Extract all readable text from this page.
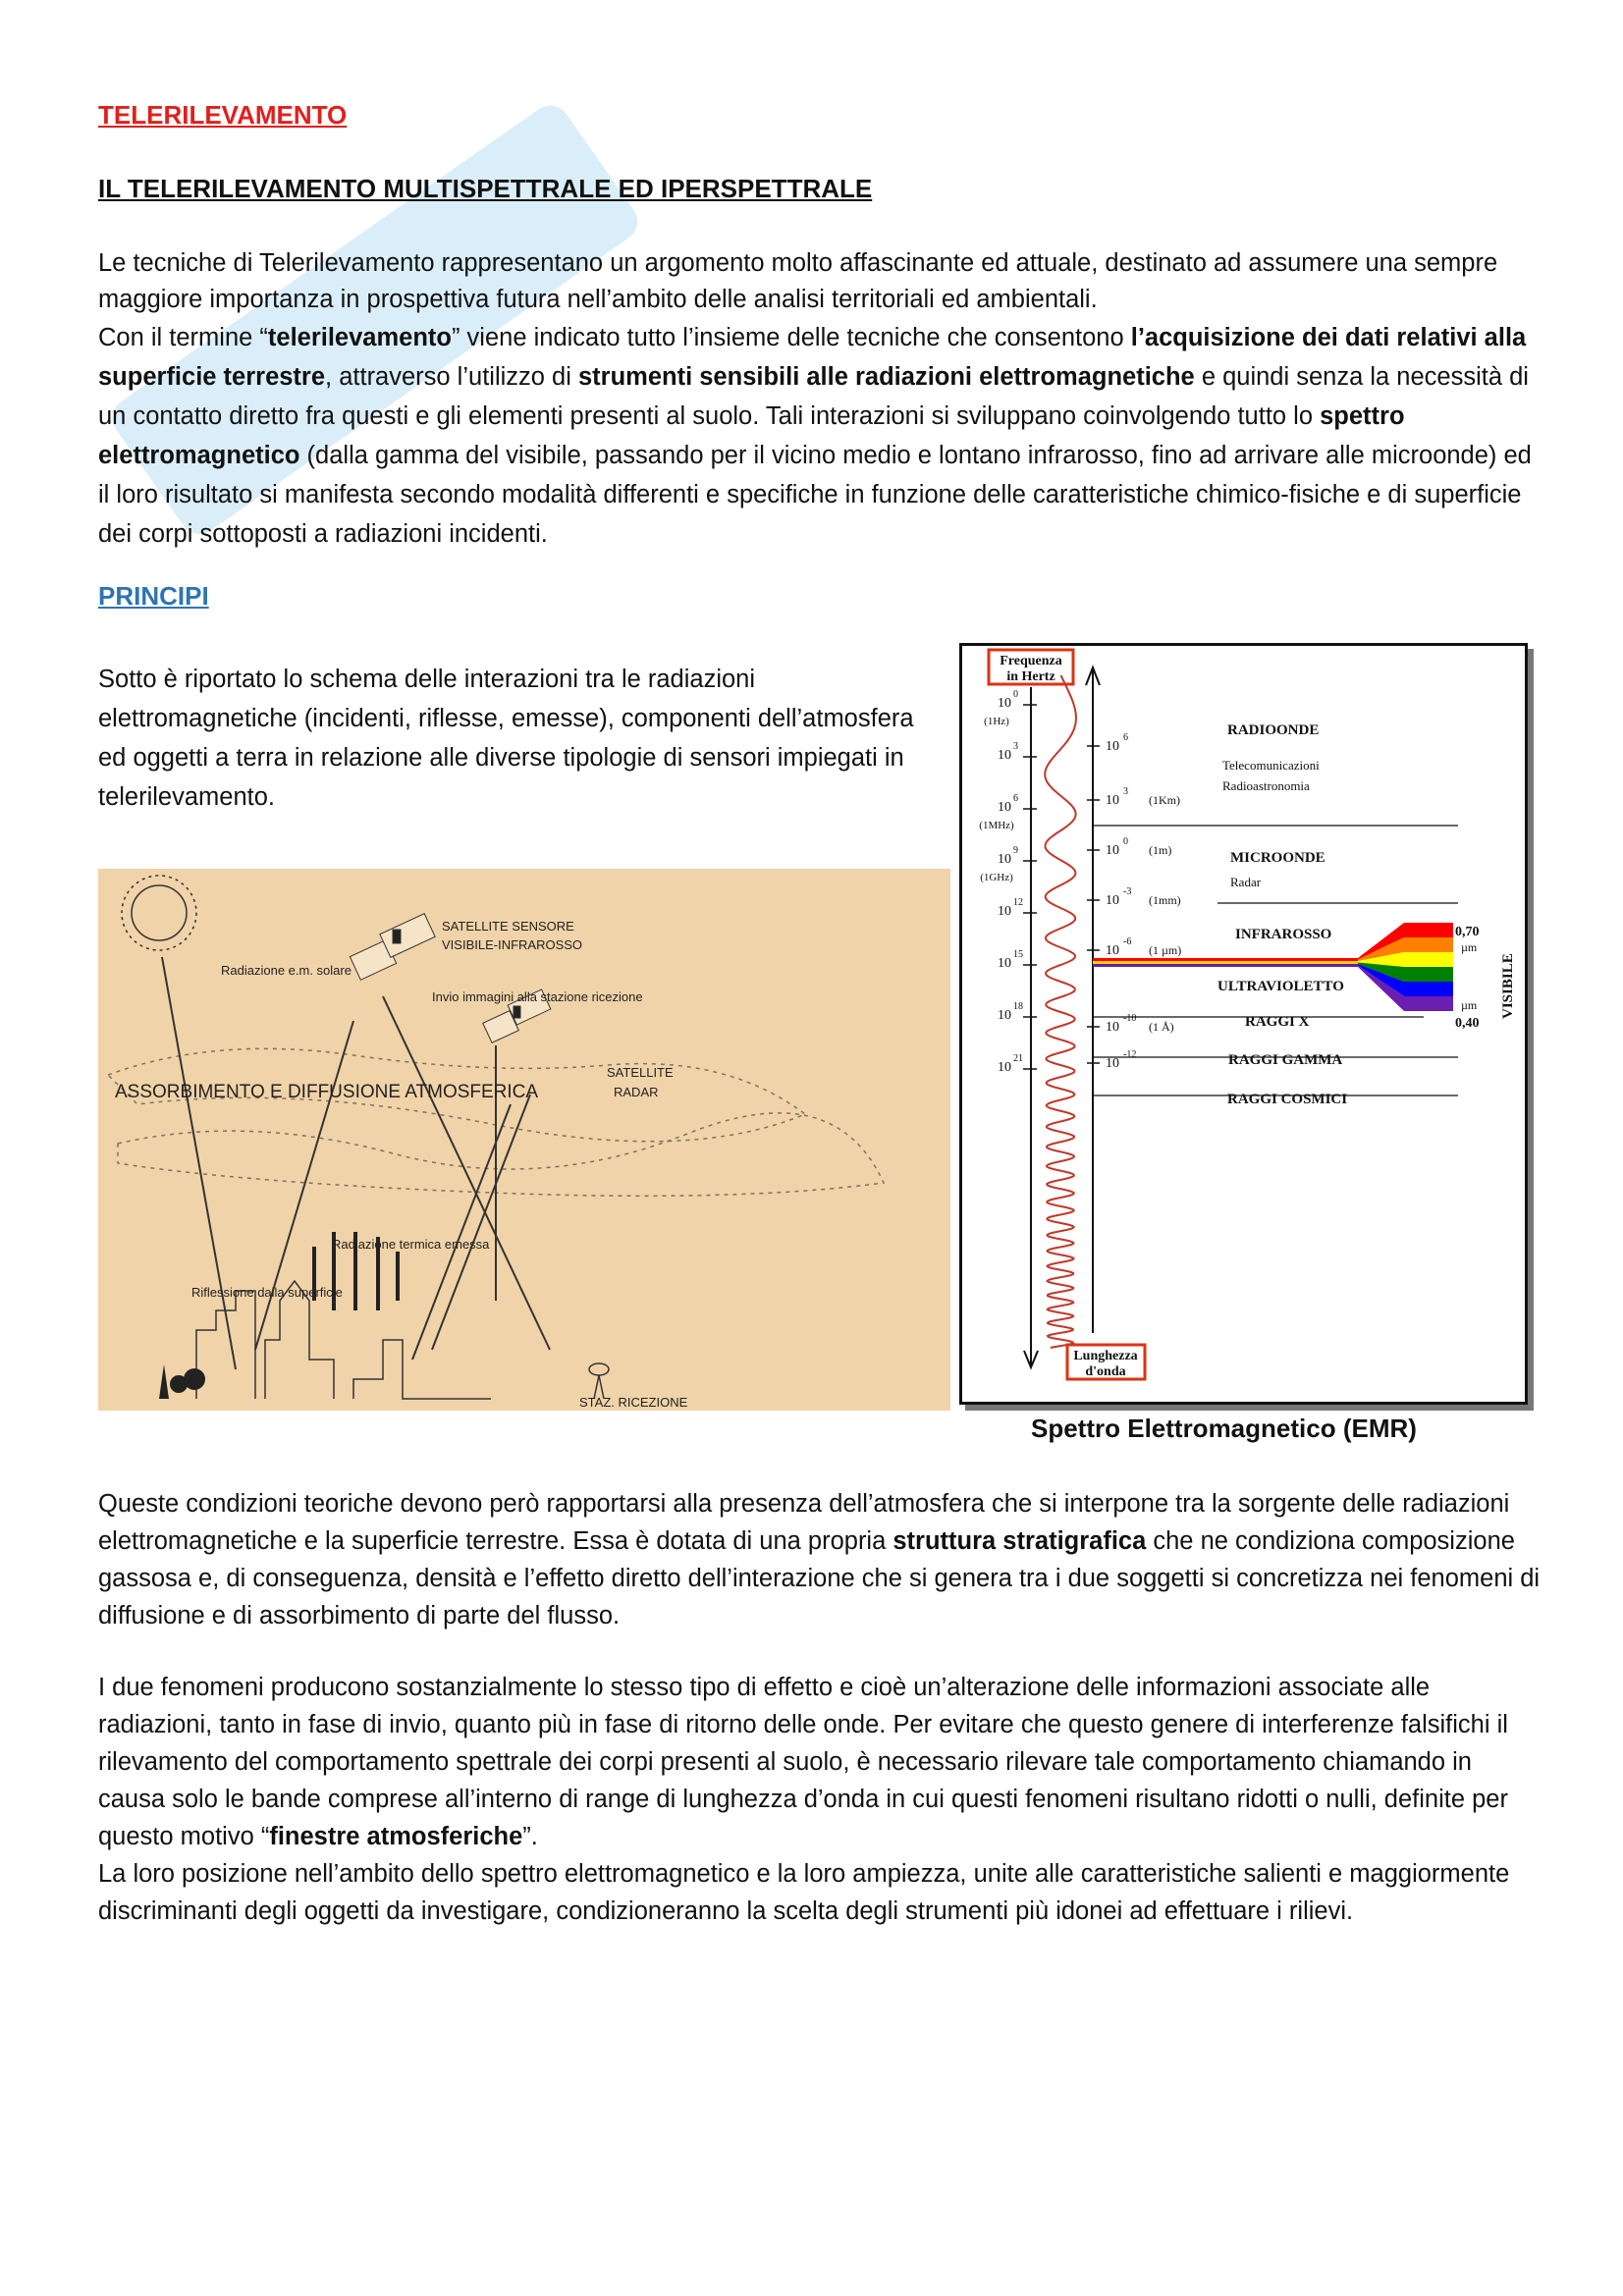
TELERILEVAMENTO
IL TELERILEVAMENTO MULTISPETTRALE ED IPERSPETTRALE
Le tecniche di Telerilevamento rappresentano un argomento molto affascinante ed attuale, destinato ad assumere una sempre maggiore importanza in prospettiva futura nell’ambito delle analisi territoriali ed ambientali.
Con il termine “telerilevamento” viene indicato tutto l’insieme delle tecniche che consentono l’acquisizione dei dati relativi alla superficie terrestre, attraverso l’utilizzo di strumenti sensibili alle radiazioni elettromagnetiche e quindi senza la necessità di un contatto diretto fra questi e gli elementi presenti al suolo. Tali interazioni si sviluppano coinvolgendo tutto lo spettro elettromagnetico (dalla gamma del visibile, passando per il vicino medio e lontano infrarosso, fino ad arrivare alle microonde) ed il loro risultato si manifesta secondo modalità differenti e specifiche in funzione delle caratteristiche chimico-fisiche e di superficie dei corpi sottoposti a radiazioni incidenti.
PRINCIPI
Sotto è riportato lo schema delle interazioni tra le radiazioni elettromagnetiche (incidenti, riflesse, emesse), componenti dell’atmosfera ed oggetti a terra in relazione alle diverse tipologie di sensori impiegati in telerilevamento.
Radiazione e.m. solare
SATELLITE SENSORE
VISIBILE-INFRAROSSO
Invio immagini alla stazione ricezione
SATELLITE
RADAR
ASSORBIMENTO E DIFFUSIONE ATMOSFERICA
Radiazione termica emessa
Riflessione dalla superficie
STAZ. RICEZIONE
Frequenza
in Hertz
Lunghezza
d'onda
10
0
(1Hz)
10
3
10
6
(1MHz)
10
9
(1GHz)
10
12
10
15
10
18
10
21
10
6
10
3
(1Km)
10
0
(1m)
10
-3
(1mm)
10
-6
(1 µm)
10
-10
(1 Å)
10
-12
RADIOONDE
Telecomunicazioni
Radioastronomia
MICROONDE
Radar
INFRAROSSO
ULTRAVIOLETTO
RAGGI X
RAGGI GAMMA
RAGGI COSMICI
0,70
µm
µm
0,40
VISIBILE
Spettro Elettromagnetico (EMR)
Queste condizioni teoriche devono però rapportarsi alla presenza dell’atmosfera che si interpone tra la sorgente delle radiazioni elettromagnetiche e la superficie terrestre. Essa è dotata di una propria struttura stratigrafica che ne condiziona composizione gassosa e, di conseguenza, densità e l’effetto diretto dell’interazione che si genera tra i due soggetti si concretizza nei fenomeni di diffusione e di assorbimento di parte del flusso.
I due fenomeni producono sostanzialmente lo stesso tipo di effetto e cioè un’alterazione delle informazioni associate alle radiazioni, tanto in fase di invio, quanto più in fase di ritorno delle onde. Per evitare che questo genere di interferenze falsifichi il rilevamento del comportamento spettrale dei corpi presenti al suolo, è necessario rilevare tale comportamento chiamando in causa solo le bande comprese all’interno di range di lunghezza d’onda in cui questi fenomeni risultano ridotti o nulli, definite per questo motivo “finestre atmosferiche”.
La loro posizione nell’ambito dello spettro elettromagnetico e la loro ampiezza, unite alle caratteristiche salienti e maggiormente discriminanti degli oggetti da investigare, condizioneranno la scelta degli strumenti più idonei ad effettuare i rilievi.
